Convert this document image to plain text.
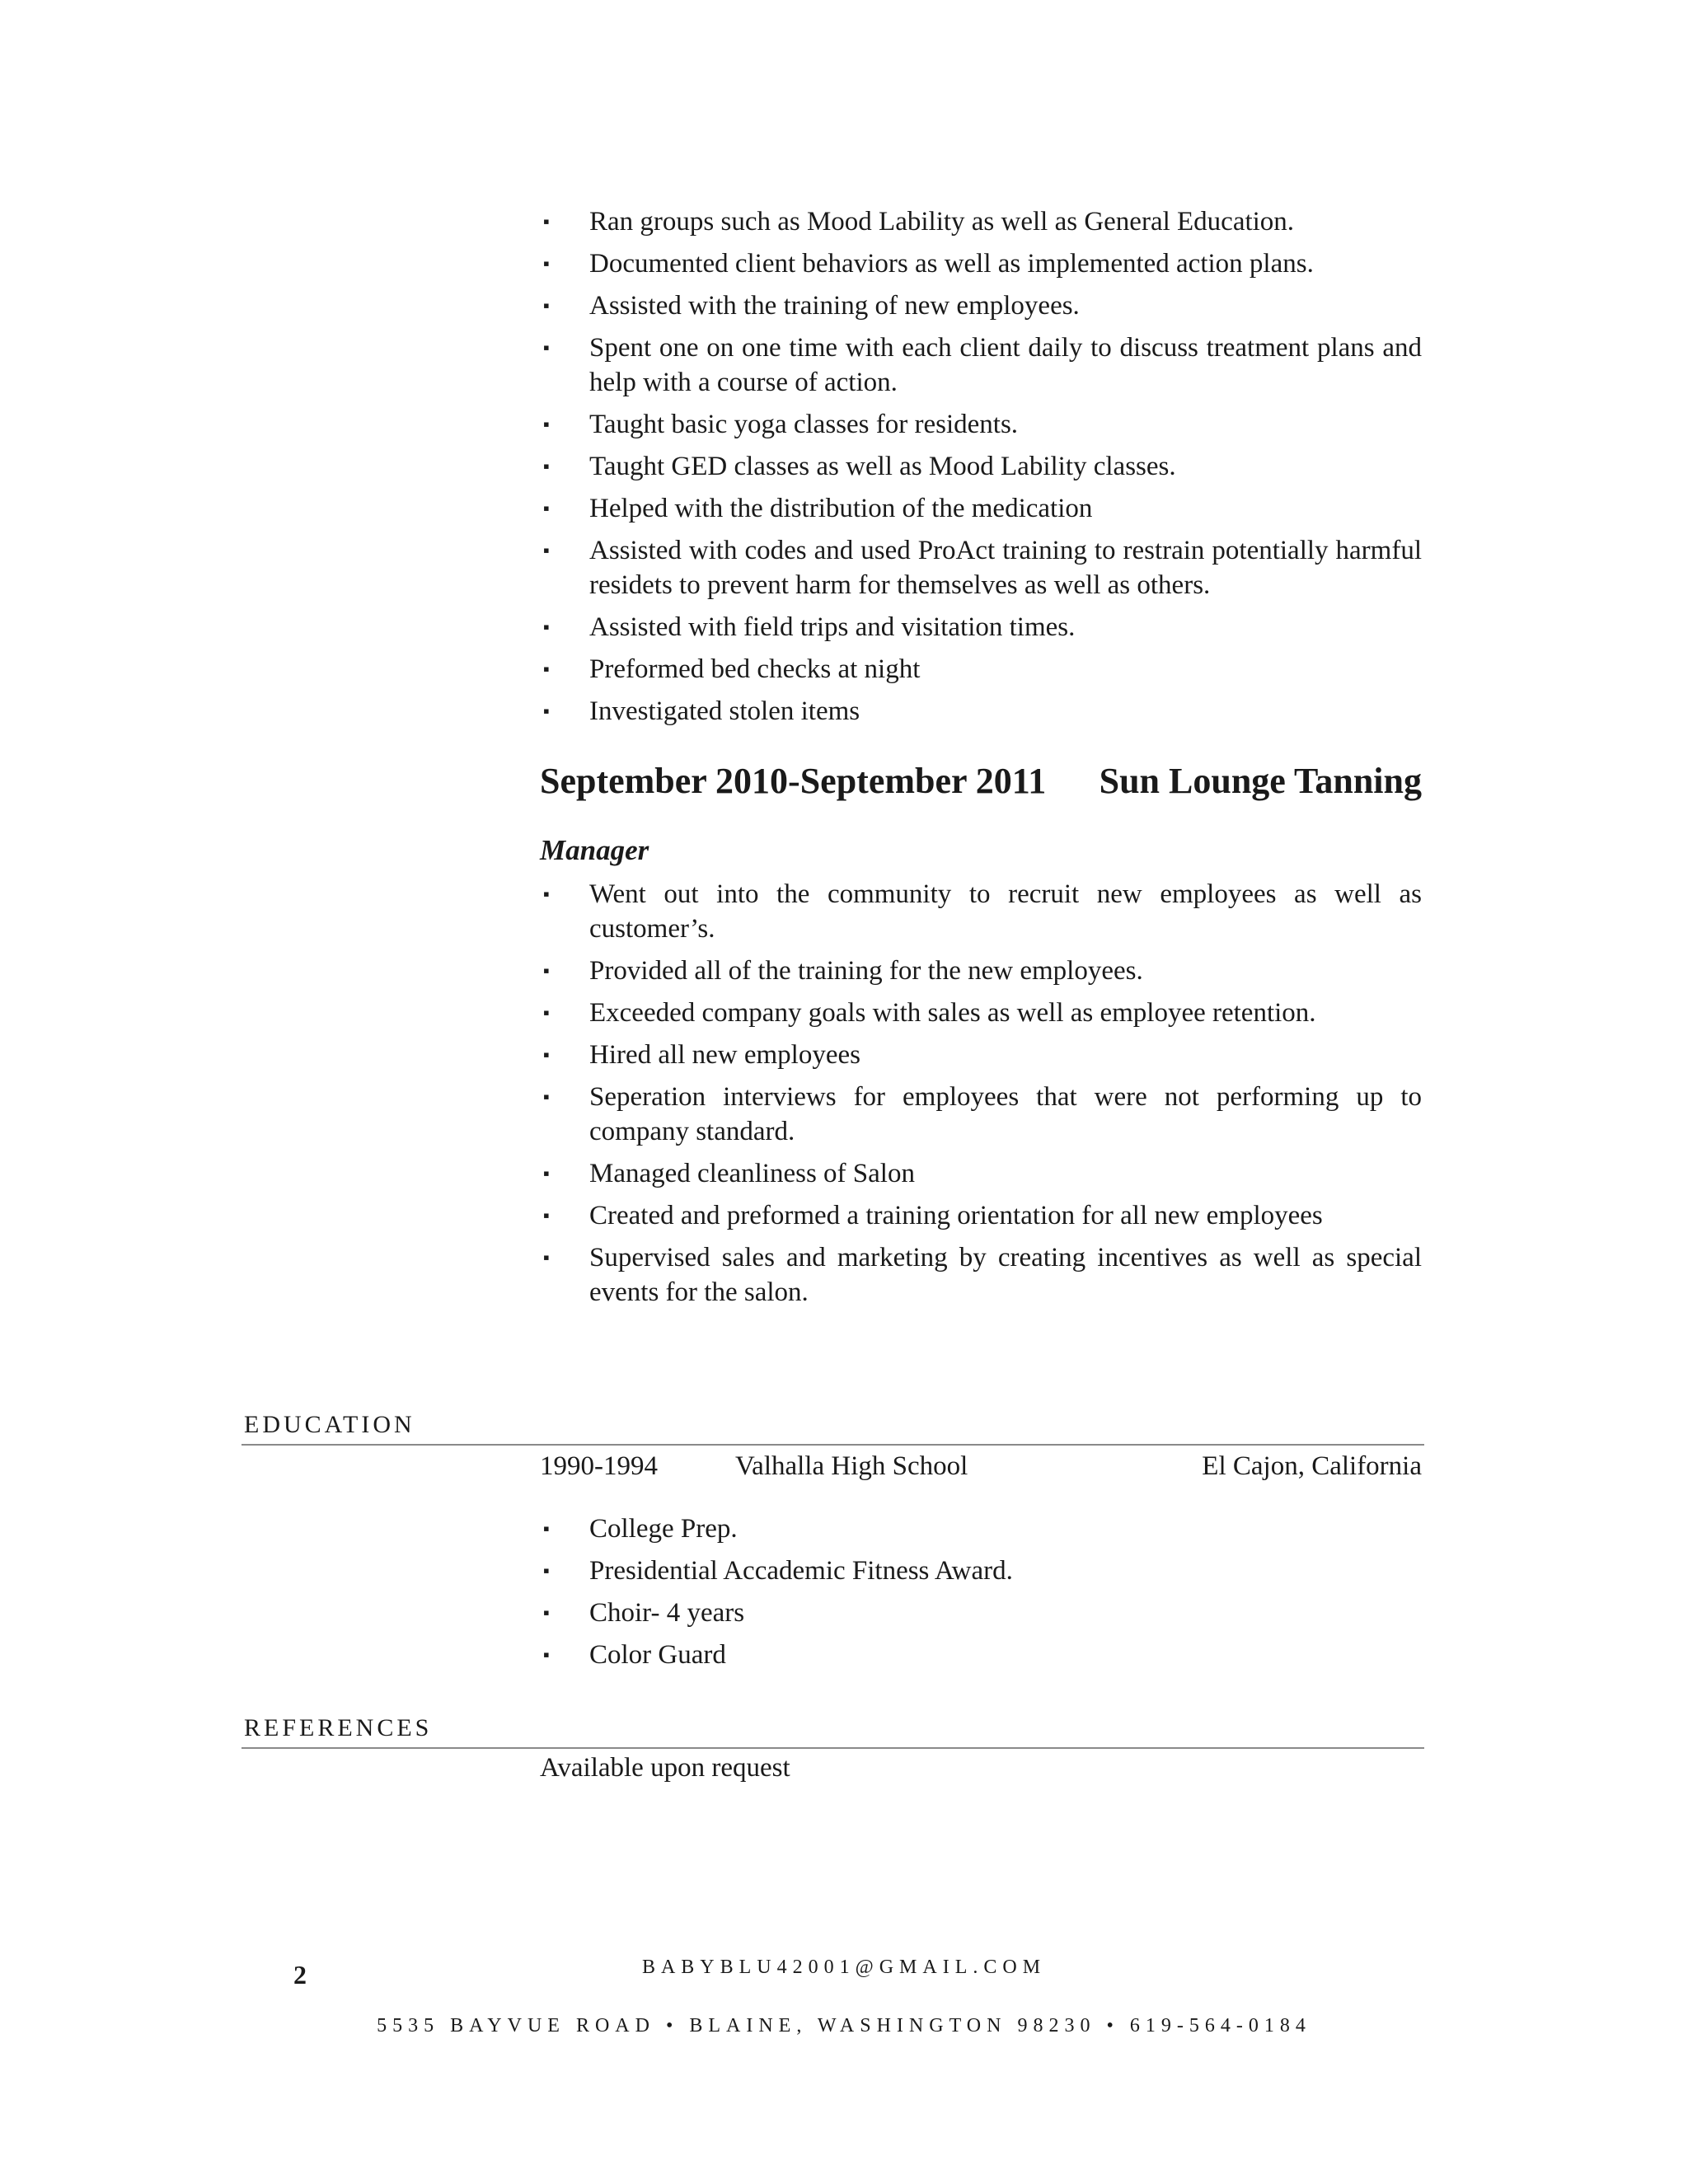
▪ Ran groups such as Mood Lability as well as General Education.
▪ Documented client behaviors as well as implemented action plans.
▪ Assisted with the training of new employees.
▪ Spent one on one time with each client daily to discuss treatment plans and help with a course of action.
▪ Taught basic yoga classes for residents.
▪ Taught GED classes as well as Mood Lability classes.
▪ Helped with the distribution of the medication
▪ Assisted with codes and used ProAct training to restrain potentially harmful residets to prevent harm for themselves as well as others.
▪ Assisted with field trips and visitation times.
▪ Preformed bed checks at night
▪ Investigated stolen items
September 2010-September 2011 Sun Lounge Tanning
Manager
▪ Went out into the community to recruit new employees as well as customer’s.
▪ Provided all of the training for the new employees.
▪ Exceeded company goals with sales as well as employee retention.
▪ Hired all new employees
▪ Seperation interviews for employees that were not performing up to company standard.
▪ Managed cleanliness of Salon
▪ Created and preformed a training orientation for all new employees
▪ Supervised sales and marketing by creating incentives as well as special events for the salon.
EDUCATION
1990-1994	Valhalla High School	El Cajon, California
▪ College Prep.
▪ Presidential Accademic Fitness Award.
▪ Choir- 4 years
▪ Color Guard
REFERENCES
Available upon request
2	BABYBLU42001@GMAIL.COM
5535 BAYVUE ROAD • BLAINE, WASHINGTON 98230 • 619-564-0184
